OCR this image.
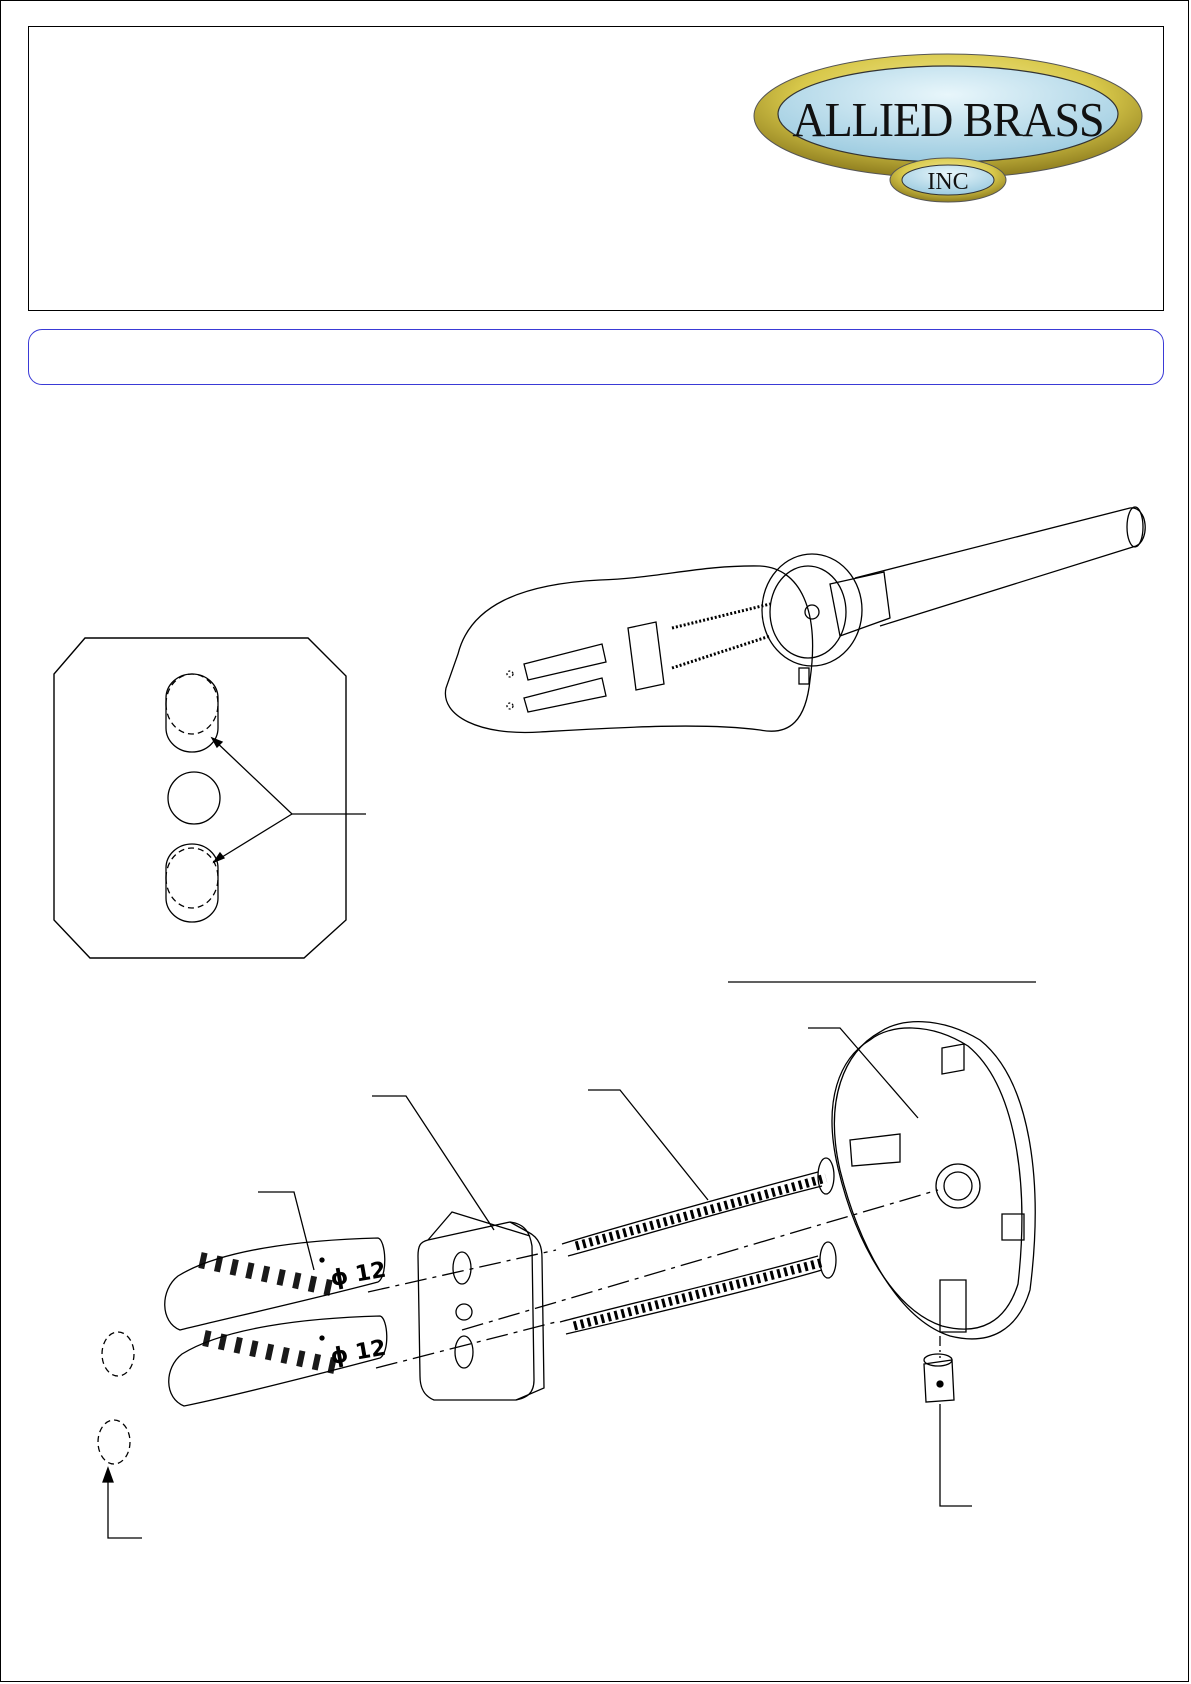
ALLIED BRASS
INC
ϕ 12
ϕ 12
